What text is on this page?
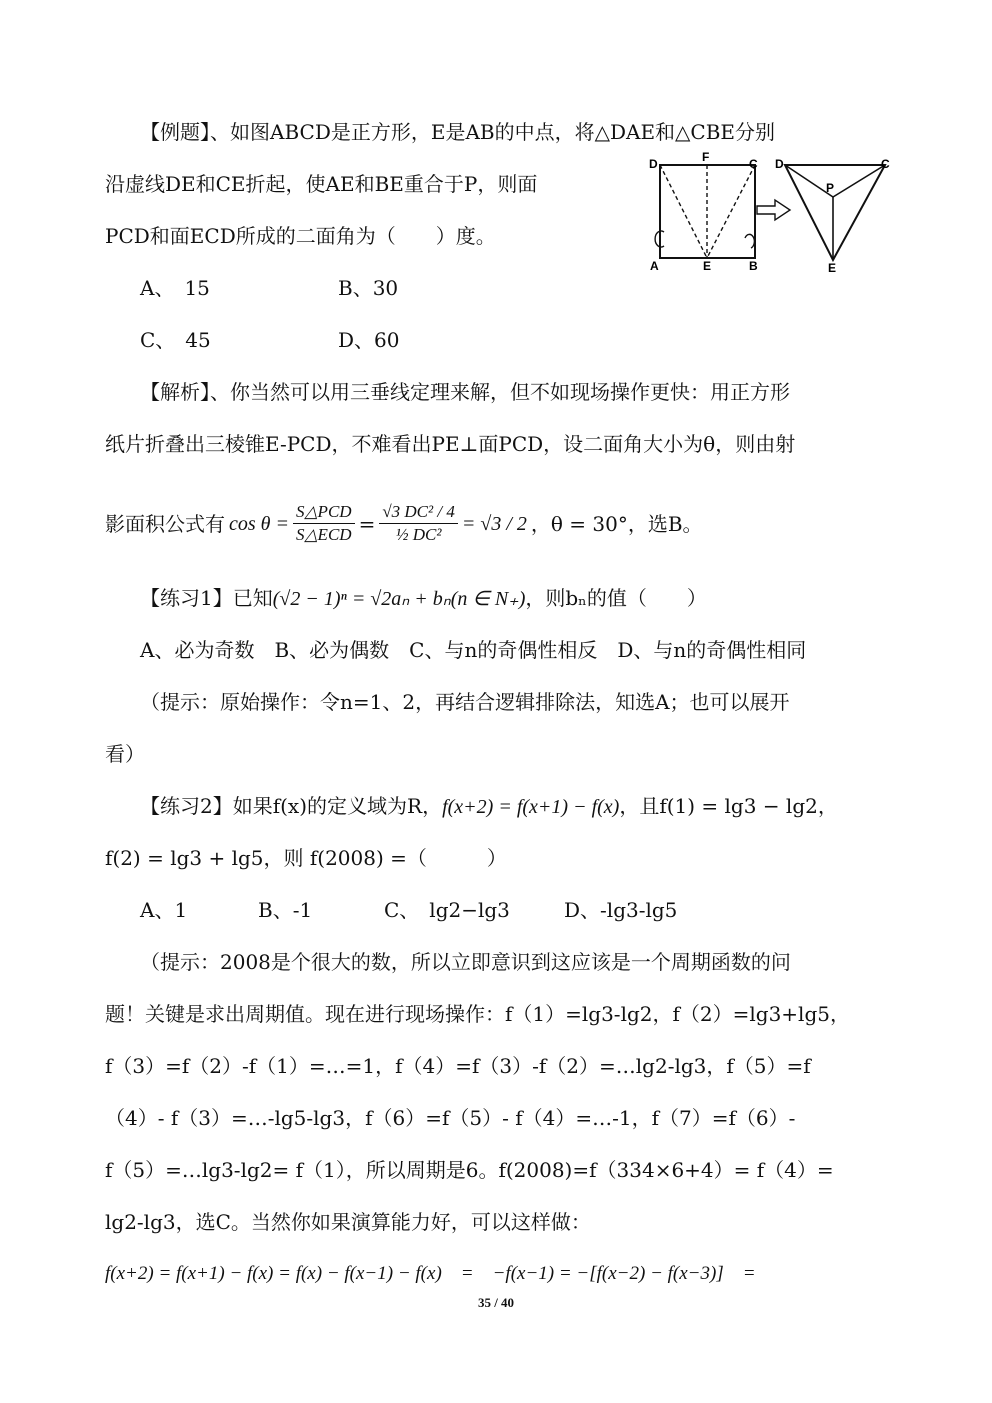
【例题】、如图ABCD是正方形，E是AB的中点，将△DAE和△CBE分别
沿虚线DE和CE折起，使AE和BE重合于P，则面
PCD和面ECD所成的二面角为（　　）度。
D	F	C
A	E	B
D	C
P
E
A、　15	B、30
C、　45	D、60
【解析】、你当然可以用三垂线定理来解，但不如现场操作更快：用正方形
纸片折叠出三棱锥E-PCD，不难看出PE⊥面PCD，设二面角大小为θ，则由射
影面积公式有 $\cos \theta = \frac{\text{S△PCD}}{\text{S△ECD}} = \frac{\text{√3 DC² / 4}}{\text{½ DC²}} = √3 / 2$ ，θ = 30°，选B。
【练习1】已知(√2 − 1)ⁿ = √2aₙ + bₙ(n ∈ N₊)，则bₙ的值（　　）
A、必为奇数　B、必为偶数　C、与n的奇偶性相反　D、与n的奇偶性相同
（提示：原始操作：令n=1、2，再结合逻辑排除法，知选A；也可以展开
看）
【练习2】如果f(x)的定义域为R，f(x+2) = f(x+1) − f(x)，且f(1) = lg3 − lg2，
f(2) = lg3 + lg5，则 f(2008) =（　　　）
A、1	B、-1	C、　lg2−lg3	D、-lg3-lg5
（提示：2008是个很大的数，所以立即意识到这应该是一个周期函数的问
题！关键是求出周期值。现在进行现场操作：f（1）=lg3-lg2，f（2）=lg3+lg5，
f（3）=f（2）-f（1）=…=1，f（4）=f（3）-f（2）=…lg2-lg3，f（5）=f
（4）- f（3）=…-lg5-lg3，f（6）=f（5）- f（4）=…-1，f（7）=f（6）-
f（5）=…lg3-lg2= f（1），所以周期是6。f(2008)=f（334×6+4）= f（4）=
lg2-lg3，选C。当然你如果演算能力好，可以这样做：
f(x+2) = f(x+1) − f(x) = f(x) − f(x−1) − f(x)　=　−f(x−1) = −[f(x−2) − f(x−3)]　=
35 / 40
